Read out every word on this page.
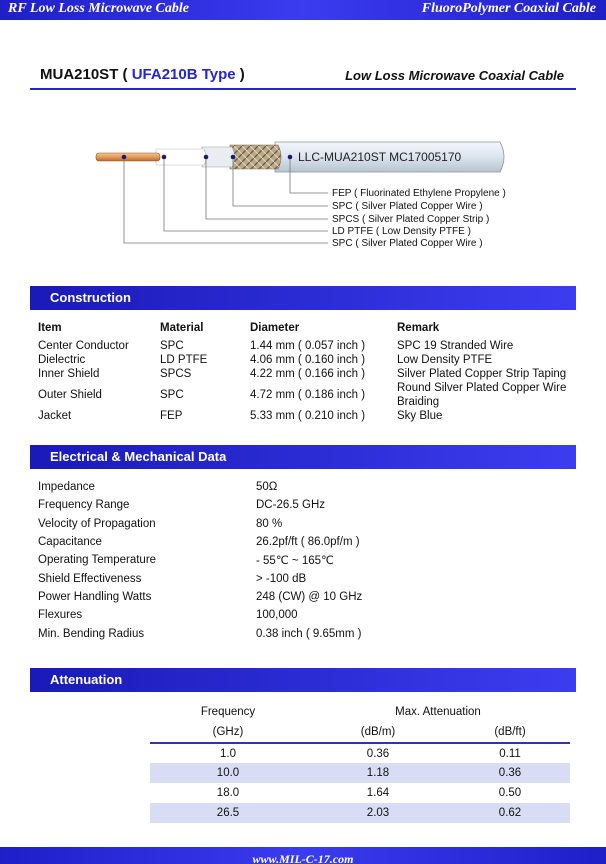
RF Low Loss Microwave Cable	FluoroPolymer Coaxial Cable
MUA210ST ( UFA210B Type )	Low Loss Microwave Coaxial Cable
LLC-MUA210ST MC17005170
FEP ( Fluorinated Ethylene Propylene )
SPC ( Silver Plated Copper Wire )
SPCS ( Silver Plated Copper Strip )
LD PTFE ( Low Density PTFE )
SPC ( Silver Plated Copper Wire )
Construction
Item	Material	Diameter	Remark
Center Conductor	SPC	1.44 mm ( 0.057 inch )	SPC 19 Stranded Wire
Dielectric	LD PTFE	4.06 mm ( 0.160 inch )	Low Density PTFE
Inner Shield	SPCS	4.22 mm ( 0.166 inch )	Silver Plated Copper Strip Taping
Outer Shield	SPC	4.72 mm ( 0.186 inch )	Round Silver Plated Copper Wire Braiding
Jacket	FEP	5.33 mm ( 0.210 inch )	Sky Blue
Electrical & Mechanical Data
Impedance	50Ω
Frequency Range	DC-26.5 GHz
Velocity of Propagation	80 %
Capacitance	26.2pf/ft ( 86.0pf/m )
Operating Temperature	- 55℃ ~ 165℃
Shield Effectiveness	> -100 dB
Power Handling Watts	248 (CW) @ 10 GHz
Flexures	100,000
Min. Bending Radius	0.38 inch ( 9.65mm )
Attenuation
Frequency	Max. Attenuation	
(GHz)	(dB/m)	(dB/ft)
1.0	0.36	0.11
10.0	1.18	0.36
18.0	1.64	0.50
26.5	2.03	0.62
www.MIL-C-17.com
